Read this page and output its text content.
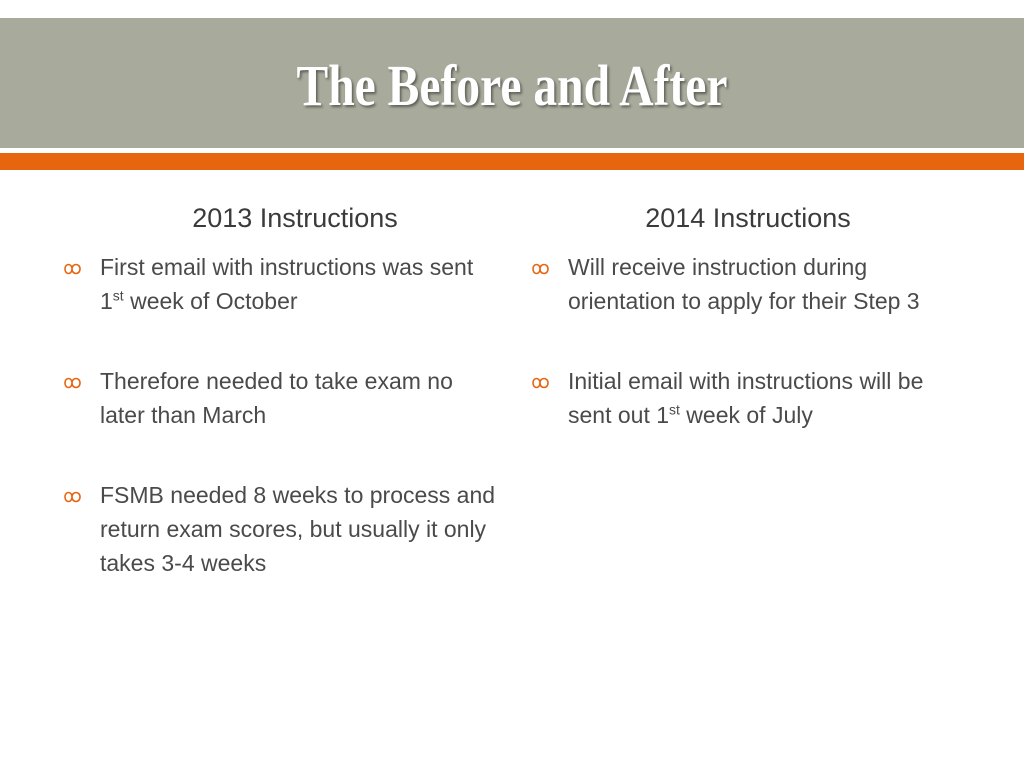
The Before and After
2013 Instructions
First email with instructions was sent 1st week of October
Therefore needed to take exam no later than March
FSMB needed 8 weeks to process and return exam scores, but usually it only takes 3-4 weeks
2014 Instructions
Will receive instruction during orientation to apply for their Step 3
Initial email with instructions will be sent out 1st week of July
